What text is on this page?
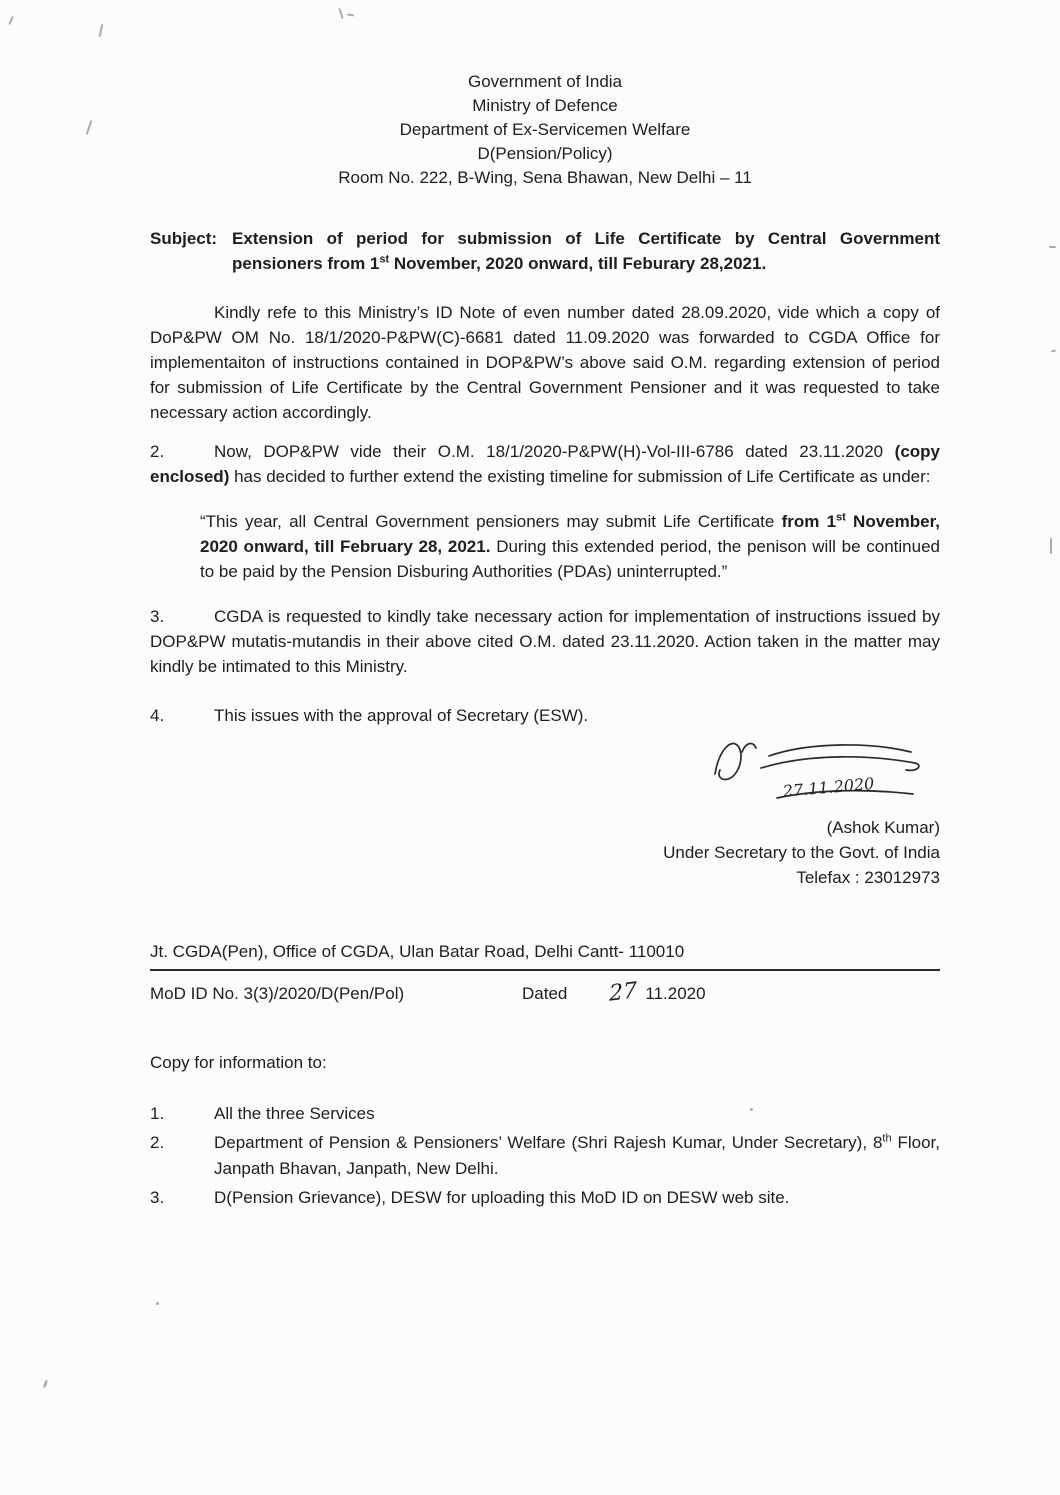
Government of India
Ministry of Defence
Department of Ex-Servicemen Welfare
D(Pension/Policy)
Room No. 222, B-Wing, Sena Bhawan, New Delhi – 11
Subject: Extension of period for submission of Life Certificate by Central Government pensioners from 1st November, 2020 onward, till Feburary 28,2021.

Kindly refe to this Ministry’s ID Note of even number dated 28.09.2020, vide which a copy of DoP&PW OM No. 18/1/2020-P&PW(C)-6681 dated 11.09.2020 was forwarded to CGDA Office for implementaiton of instructions contained in DOP&PW’s above said O.M. regarding extension of period for submission of Life Certificate by the Central Government Pensioner and it was requested to take necessary action accordingly.

2.	Now, DOP&PW vide their O.M. 18/1/2020-P&PW(H)-Vol-III-6786 dated 23.11.2020 (copy enclosed) has decided to further extend the existing timeline for submission of Life Certificate as under:

“This year, all Central Government pensioners may submit Life Certificate from 1st November, 2020 onward, till February 28, 2021. During this extended period, the penison will be continued to be paid by the Pension Disburing Authorities (PDAs) uninterrupted.”

3.	CGDA is requested to kindly take necessary action for implementation of instructions issued by DOP&PW mutatis-mutandis in their above cited O.M. dated 23.11.2020. Action taken in the matter may kindly be intimated to this Ministry.

4.	This issues with the approval of Secretary (ESW).

27.11.2020
(Ashok Kumar)
Under Secretary to the Govt. of India
Telefax : 23012973
Jt. CGDA(Pen), Office of CGDA, Ulan Batar Road, Delhi Cantt- 110010
MoD ID No. 3(3)/2020/D(Pen/Pol)	Dated 27 11.2020
Copy for information to:
1.	All the three Services
2.	Department of Pension & Pensioners’ Welfare (Shri Rajesh Kumar, Under Secretary), 8th Floor, Janpath Bhavan, Janpath, New Delhi.
3.	D(Pension Grievance), DESW for uploading this MoD ID on DESW web site.
